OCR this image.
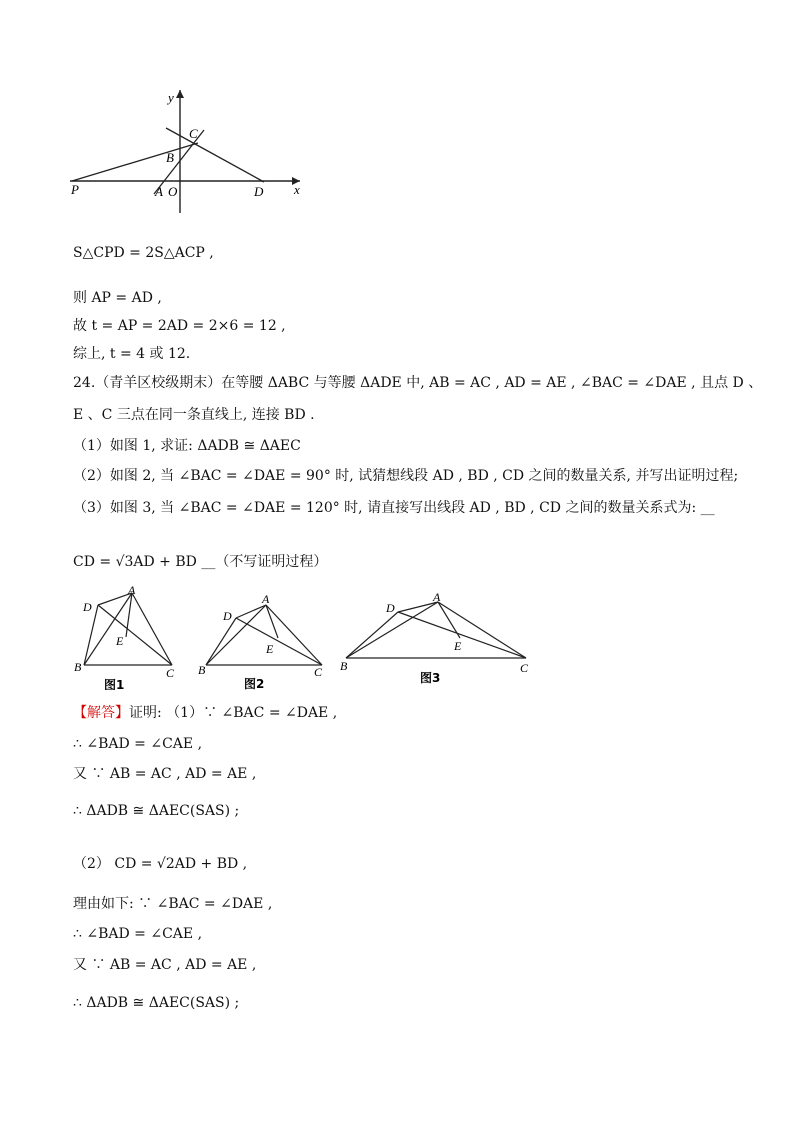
y
x
P	A O	D
B
C
S△CPD = 2S△ACP ,
则 AP = AD ,
故 t = AP = 2AD = 2×6 = 12 ,
综上, t = 4 或 12.
24.（青羊区校级期末）在等腰 ΔABC 与等腰 ΔADE 中, AB = AC , AD = AE , ∠BAC = ∠DAE , 且点 D 、
E 、C 三点在同一条直线上, 连接 BD .
（1）如图 1, 求证: ΔADB ≅ ΔAEC
（2）如图 2, 当 ∠BAC = ∠DAE = 90° 时, 试猜想线段 AD , BD , CD 之间的数量关系, 并写出证明过程;
（3）如图 3, 当 ∠BAC = ∠DAE = 120° 时, 请直接写出线段 AD , BD , CD 之间的数量关系式为: __
CD = √3AD + BD __（不写证明过程）
A
B	C
D
E
图1
A
B	C
D
E
图2
A
B	C
D
E
图3
【解答】证明: （1）∵ ∠BAC = ∠DAE ,
∴ ∠BAD = ∠CAE ,
又 ∵ AB = AC , AD = AE ,
∴ ΔADB ≅ ΔAEC(SAS) ;
（2） CD = √2AD + BD ,
理由如下: ∵ ∠BAC = ∠DAE ,
∴ ∠BAD = ∠CAE ,
又 ∵ AB = AC , AD = AE ,
∴ ΔADB ≅ ΔAEC(SAS) ;
